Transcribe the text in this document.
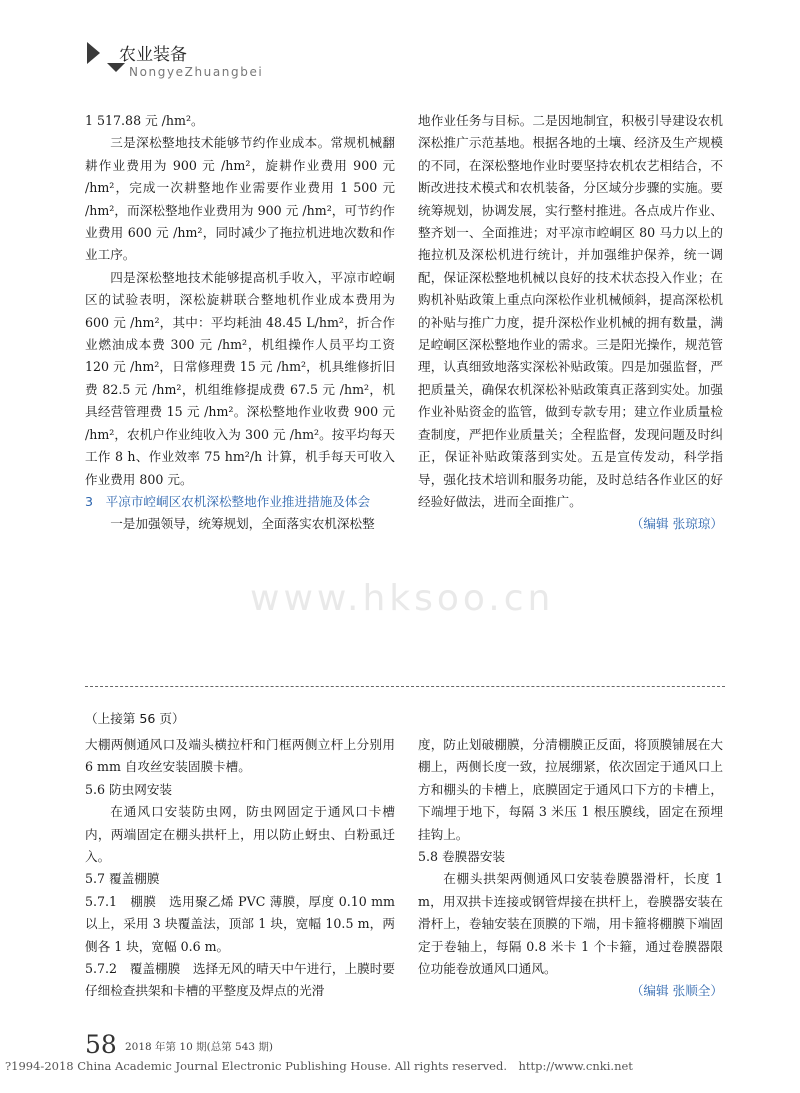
农业装备
NongyeZhuangbei
www.hksoo.cn

1 517.88 元 /hm²。

三是深松整地技术能够节约作业成本。常规机械翻耕作业费用为 900 元 /hm²，旋耕作业费用 900 元 /hm²，完成一次耕整地作业需要作业费用 1 500 元 /hm²，而深松整地作业费用为 900 元 /hm²，可节约作业费用 600 元 /hm²，同时减少了拖拉机进地次数和作业工序。

四是深松整地技术能够提高机手收入，平凉市崆峒区的试验表明，深松旋耕联合整地机作业成本费用为 600 元 /hm²，其中：平均耗油 48.45 L/hm²，折合作业燃油成本费 300 元 /hm²，机组操作人员平均工资 120 元 /hm²，日常修理费 15 元 /hm²，机具维修折旧费 82.5 元 /hm²，机组维修提成费 67.5 元 /hm²，机具经营管理费 15 元 /hm²。深松整地作业收费 900 元 /hm²，农机户作业纯收入为 300 元 /hm²。按平均每天工作 8 h、作业效率 75 hm²/h 计算，机手每天可收入作业费用 800 元。

3　平凉市崆峒区农机深松整地作业推进措施及体会

一是加强领导，统筹规划，全面落实农机深松整

地作业任务与目标。二是因地制宜，积极引导建设农机深松推广示范基地。根据各地的土壤、经济及生产规模的不同，在深松整地作业时要坚持农机农艺相结合，不断改进技术模式和农机装备，分区域分步骤的实施。要统筹规划，协调发展，实行整村推进。各点成片作业、整齐划一、全面推进；对平凉市崆峒区 80 马力以上的拖拉机及深松机进行统计，并加强维护保养，统一调配，保证深松整地机械以良好的技术状态投入作业；在购机补贴政策上重点向深松作业机械倾斜，提高深松机的补贴与推广力度，提升深松作业机械的拥有数量，满足崆峒区深松整地作业的需求。三是阳光操作，规范管理，认真细致地落实深松补贴政策。四是加强监督，严把质量关，确保农机深松补贴政策真正落到实处。加强作业补贴资金的监管，做到专款专用；建立作业质量检查制度，严把作业质量关；全程监督，发现问题及时纠正，保证补贴政策落到实处。五是宣传发动，科学指导，强化技术培训和服务功能，及时总结各作业区的好经验好做法，进而全面推广。

（编辑 张琼琼）

（上接第 56 页）

大棚两侧通风口及端头横拉杆和门框两侧立杆上分别用 6 mm 自攻丝安装固膜卡槽。

5.6 防虫网安装

在通风口安装防虫网，防虫网固定于通风口卡槽内，两端固定在棚头拱杆上，用以防止蚜虫、白粉虱迁入。

5.7 覆盖棚膜

5.7.1　棚膜　选用聚乙烯 PVC 薄膜，厚度 0.10 mm 以上，采用 3 块覆盖法，顶部 1 块，宽幅 10.5 m，两侧各 1 块，宽幅 0.6 m。

5.7.2　覆盖棚膜　选择无风的晴天中午进行，上膜时要仔细检查拱架和卡槽的平整度及焊点的光滑

度，防止划破棚膜，分清棚膜正反面，将顶膜铺展在大棚上，两侧长度一致，拉展绷紧，依次固定于通风口上方和棚头的卡槽上，底膜固定于通风口下方的卡槽上，下端埋于地下，每隔 3 米压 1 根压膜线，固定在预埋挂钩上。

5.8 卷膜器安装

在棚头拱架两侧通风口安装卷膜器滑杆，长度 1 m，用双拱卡连接或钢管焊接在拱杆上，卷膜器安装在滑杆上，卷轴安装在顶膜的下端，用卡箍将棚膜下端固定于卷轴上，每隔 0.8 米卡 1 个卡箍，通过卷膜器限位功能卷放通风口通风。

（编辑 张顺全）

58 2018 年第 10 期(总第 543 期)
?1994-2018 China Academic Journal Electronic Publishing House. All rights reserved.　http://www.cnki.net
